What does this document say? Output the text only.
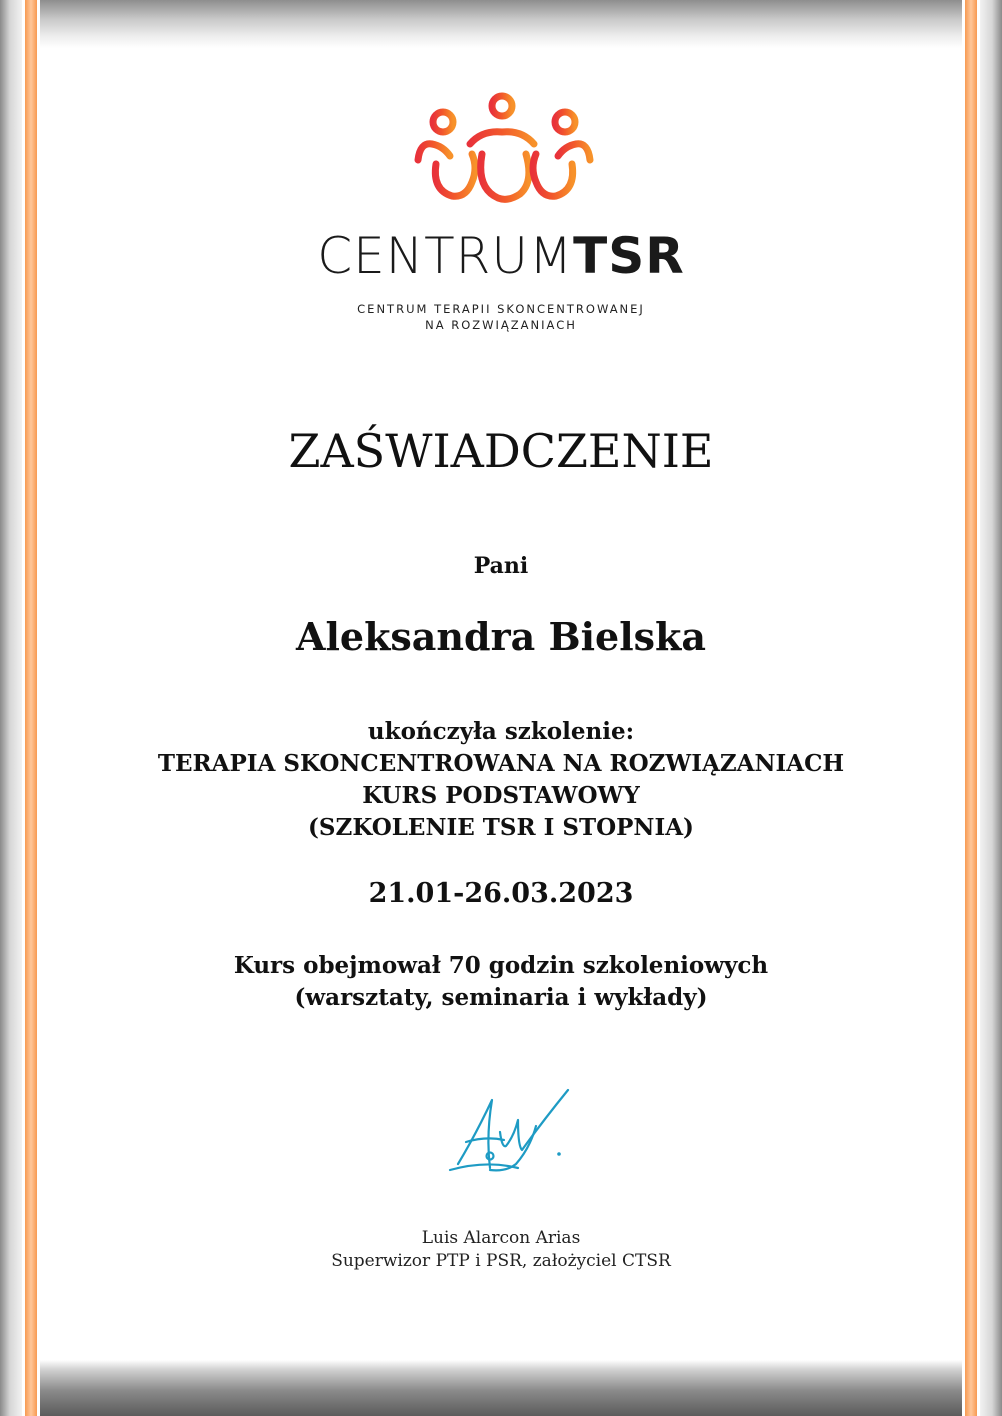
CENTRUMTSR
CENTRUM TERAPII SKONCENTROWANEJ
NA ROZWIĄZANIACH
ZAŚWIADCZENIE
Pani
Aleksandra Bielska
ukończyła szkolenie:
TERAPIA SKONCENTROWANA NA ROZWIĄZANIACH
KURS PODSTAWOWY
(SZKOLENIE TSR I STOPNIA)
21.01-26.03.2023
Kurs obejmował 70 godzin szkoleniowych
(warsztaty, seminaria i wykłady)
Luis Alarcon Arias
Superwizor PTP i PSR, założyciel CTSR
